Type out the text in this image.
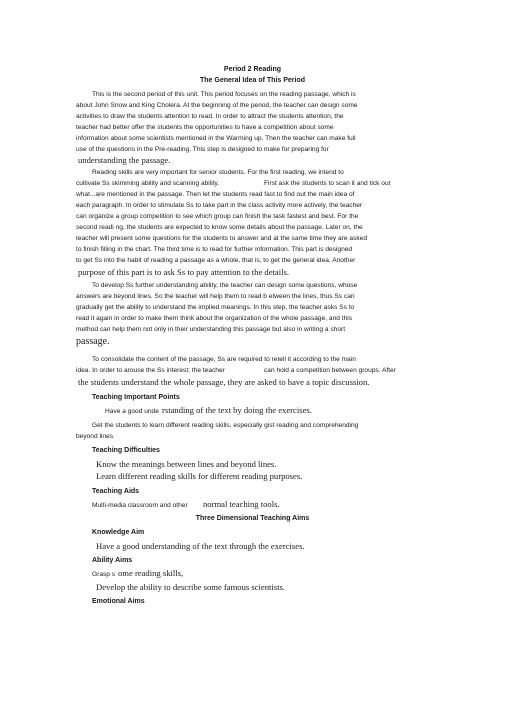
Period 2 Reading
The General Idea of This Period
This is the second period of this unit. This period focuses on the reading passage, which is
about John Snow and King Cholera. At the beginning of the period, the teacher can design some
activities to draw the students attention to read. In order to attract the students attention, the
teacher had better offer the students the opportunities to have a competition about some
information about some scientists mentioned in the Warming up. Then the teacher can make full
use of the questions in the Pre-reading. This step is designed to make for preparing for
understanding the passage.
Reading skills are very important for senior students. For the first reading, we intend to
cultivate Ss skimming ability and scanning ability.	First ask the students to scan it and tick out
what...are mentioned in the passage. Then let the students read fast to find out the main idea of
each paragraph. In order to stimulate Ss to take part in the class activity more actively, the teacher
can organize a group competition to see which group can finish the task fastest and best. For the
second readi ng, the students are expected to know some details about the passage. Later on, the
teacher will present some questions for the students to answer and at the same time they are asked
to finish filling in the chart. The third time is to read for further information. This part is designed
to get Ss into the habit of reading a passage as a whole, that is, to get the general idea. Another
purpose of this part is to ask Ss to pay attention to the details.
To develop Ss further understanding ability, the teacher can design some questions, whose
answers are beyond lines. So the teacher will help them to read b etween the lines, thus Ss can
gradually get the ability to understand the implied meanings. In this step, the teacher asks Ss to
read it again in order to make them think about the organization of the whole passage, and this
method can help them not only in their understanding this passage but also in writing a short
passage.
To consolidate the content of the passage, Ss are required to retell it according to the main
idea. In order to arouse the Ss interest; the teacher	can hold a competition between groups. After
the students understand the whole passage, they are asked to have a topic discussion.
Teaching Important Points
Have a good unde rstanding of the text by doing the exercises.
Get the students to learn different reading skills, especially gist reading and comprehending
beyond lines.
Teaching Difficulties
Know the meanings between lines and beyond lines.
Learn different reading skills for different reading purposes.
Teaching Aids
Multi-media classroom and other normal teaching tools.
Three Dimensional Teaching Aims
Knowledge Aim
Have a good understanding of the text through the exercises.
Ability Aims
Grasp s ome reading skills,
Develop the ability to describe some famous scientists.
Emotional Aims
